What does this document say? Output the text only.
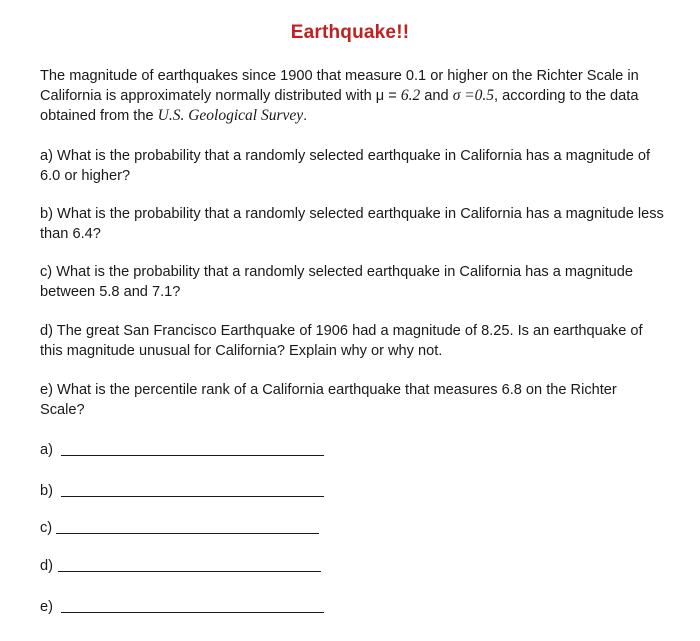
Earthquake!!
The magnitude of earthquakes since 1900 that measure 0.1 or higher on the Richter Scale in California is approximately normally distributed with μ = 6.2 and σ =0.5, according to the data obtained from the U.S. Geological Survey.
a) What is the probability that a randomly selected earthquake in California has a magnitude of 6.0 or higher?
b) What is the probability that a randomly selected earthquake in California has a magnitude less than 6.4?
c) What is the probability that a randomly selected earthquake in California has a magnitude between 5.8 and 7.1?
d) The great San Francisco Earthquake of 1906 had a magnitude of 8.25. Is an earthquake of this magnitude unusual for California? Explain why or why not.
e) What is the percentile rank of a California earthquake that measures 6.8 on the Richter Scale?
a)
b)
c)
d)
e)
